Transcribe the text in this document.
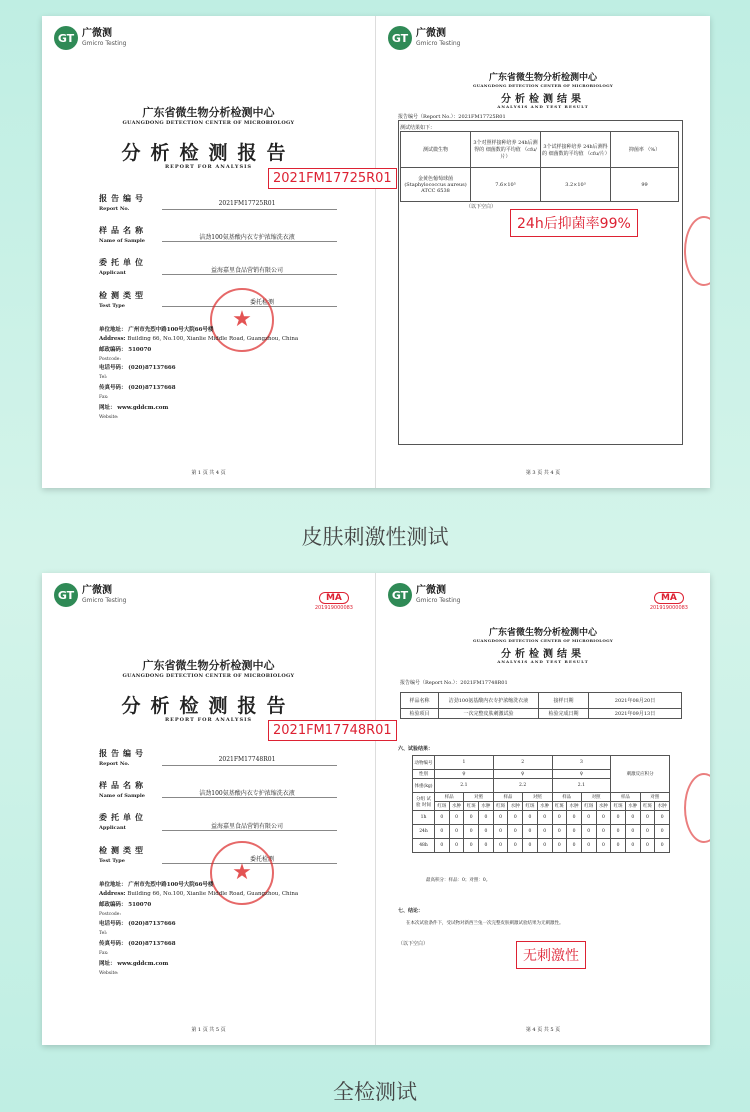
GT 广微测
Gmicro Testing
广东省微生物分析检测中心
GUANGDONG DETECTION CENTER OF MICROBIOLOGY
分析检测报告
REPORT FOR ANALYSIS
报告编号
Report No.
2021FM17725R01
样品名称
Name of Sample	洁劲100氨基酸内衣专护浓缩洗衣液
委托单位
Applicant	益海嘉里食品营销有限公司
检测类型
Test Type	委托检测
★
单位地址： 广州市先烈中路100号大院66号楼
Address: Building 66, No.100, Xianlie Middle Road, Guangzhou, China
邮政编码： 510070
Postcode:
电话号码： (020)87137666
Tel:
传真号码： (020)87137668
Fax:
网址： www.gddcm.com
Website:
第 1 页 共 4 页
GT 广微测
Gmicro Testing
广东省微生物分析检测中心
GUANGDONG DETECTION CENTER OF MICROBIOLOGY
分析检测结果
ANALYSIS AND TEST RESULT
报告编号（Report No.）：2021FM17725R01
测试结果如下：
测试微生物	3个对照样接种培养 24h后测得的 细菌数的平均值 （cfu/片）	3个试样接种培养 24h后测得的 细菌数的平均值 （cfu/片）	抑菌率 （%）
金黄色葡萄球菌 (Staphylococcus aureus) ATCC 6538	7.6×10⁵	3.2×10³	99
（以下空白）
第 3 页 共 4 页
2021FM17725R01
24h后抑菌率99%
皮肤刺激性测试
GT 广微测
Gmicro Testing	MA
201919000083
广东省微生物分析检测中心
GUANGDONG DETECTION CENTER OF MICROBIOLOGY
分析检测报告
REPORT FOR ANALYSIS
报告编号
Report No.
2021FM17748R01
样品名称
Name of Sample	洁劲100氨基酸内衣专护浓缩洗衣液
委托单位
Applicant	益海嘉里食品营销有限公司
检测类型
Test Type	委托检测
★
单位地址： 广州市先烈中路100号大院66号楼
Address: Building 66, No.100, Xianlie Middle Road, Guangzhou, China
邮政编码： 510070
Postcode:
电话号码： (020)87137666
Tel:
传真号码： (020)87137668
Fax:
网址： www.gddcm.com
Website:
第 1 页 共 5 页
GT 广微测
Gmicro Testing	MA
201919000083
广东省微生物分析检测中心
GUANGDONG DETECTION CENTER OF MICROBIOLOGY
分析检测结果
ANALYSIS AND TEST RESULT
报告编号（Report No.）：2021FM17748R01
样品名称	洁劲100氨基酸内衣专护浓缩洗衣液	接样日期	2021年08月20日
检验项目	一次完整皮肤刺激试验	检验完成日期	2021年09月13日
六、试验结果：
动物编号	1				2				3				刺激反应积分			
性别	♀				♀				♀							
体重(kg)	2.1				2.2				2.1							
分组 试验 时间	样品		对照		样品		对照		样品		对照		样品		对照	
	红斑	水肿	红斑	水肿	红斑	水肿	红斑	水肿	红斑	水肿	红斑	水肿	红斑	水肿	红斑	水肿
1h	0	0	0	0	0	0	0	0	0	0	0	0	0	0	0	0
24h	0	0	0	0	0	0	0	0	0	0	0	0	0	0	0	0
48h	0	0	0	0	0	0	0	0	0	0	0	0	0	0	0	0
最高积分：样品：0；对照：0。
七、结论：
在本次试验条件下，受试物对新西兰兔一次完整皮肤刺激试验结果为无刺激性。
（以下空白）
第 4 页 共 5 页
2021FM17748R01
无刺激性
全检测试
